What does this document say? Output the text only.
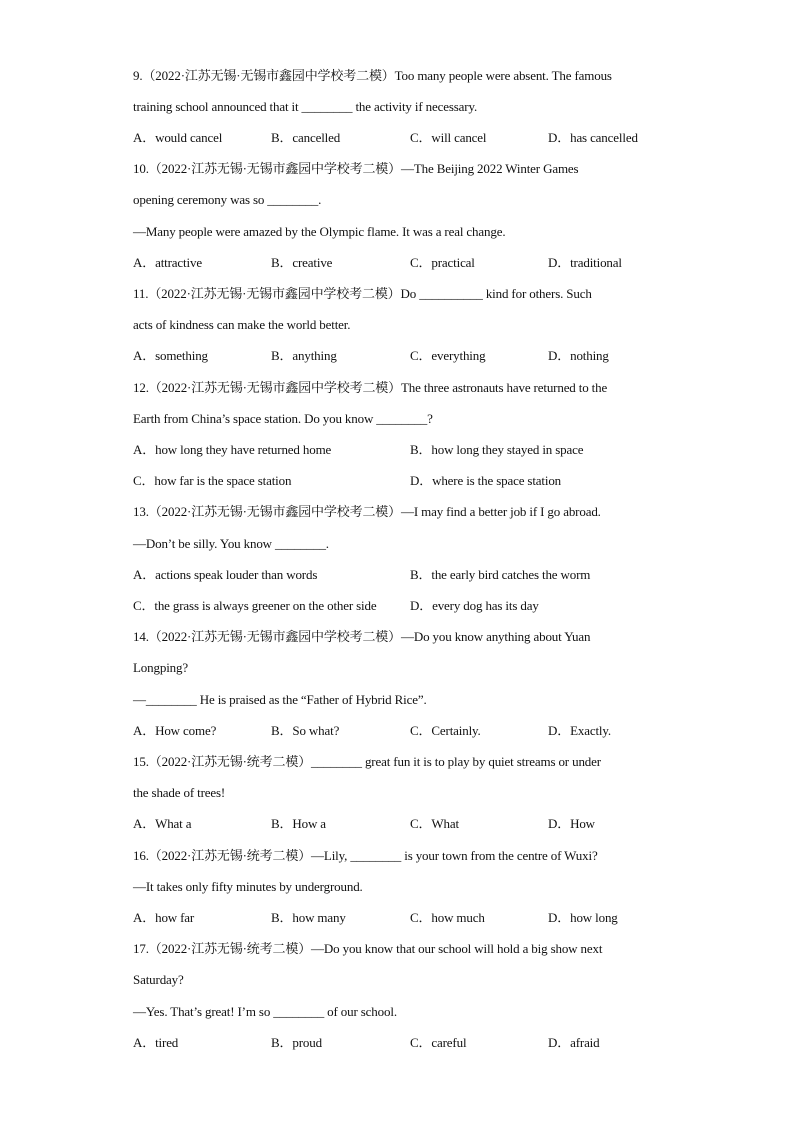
9.（2022·江苏无锡·无锡市鑫园中学校考二模）Too many people were absent. The famous
training school announced that it ________ the activity if necessary.
A．would cancel	B．cancelled	C．will cancel	D．has cancelled
10.（2022·江苏无锡·无锡市鑫园中学校考二模）—The Beijing 2022 Winter Games
opening ceremony was so ________.
—Many people were amazed by the Olympic flame. It was a real change.
A．attractive	B．creative	C．practical	D．traditional
11.（2022·江苏无锡·无锡市鑫园中学校考二模）Do __________ kind for others. Such
acts of kindness can make the world better.
A．something	B．anything	C．everything	D．nothing
12.（2022·江苏无锡·无锡市鑫园中学校考二模）The three astronauts have returned to the
Earth from China’s space station. Do you know ________?
A．how long they have returned home	B．how long they stayed in space
C．how far is the space station	D．where is the space station
13.（2022·江苏无锡·无锡市鑫园中学校考二模）—I may find a better job if I go abroad.
—Don’t be silly. You know ________.
A．actions speak louder than words	B．the early bird catches the worm
C．the grass is always greener on the other side	D．every dog has its day
14.（2022·江苏无锡·无锡市鑫园中学校考二模）—Do you know anything about Yuan
Longping?
—________ He is praised as the “Father of Hybrid Rice”.
A．How come?	B．So what?	C．Certainly.	D．Exactly.
15.（2022·江苏无锡·统考二模）________ great fun it is to play by quiet streams or under
the shade of trees!
A．What a	B．How a	C．What	D．How
16.（2022·江苏无锡·统考二模）—Lily, ________ is your town from the centre of Wuxi?
—It takes only fifty minutes by underground.
A．how far	B．how many	C．how much	D．how long
17.（2022·江苏无锡·统考二模）—Do you know that our school will hold a big show next
Saturday?
—Yes. That’s great! I’m so ________ of our school.
A．tired	B．proud	C．careful	D．afraid
